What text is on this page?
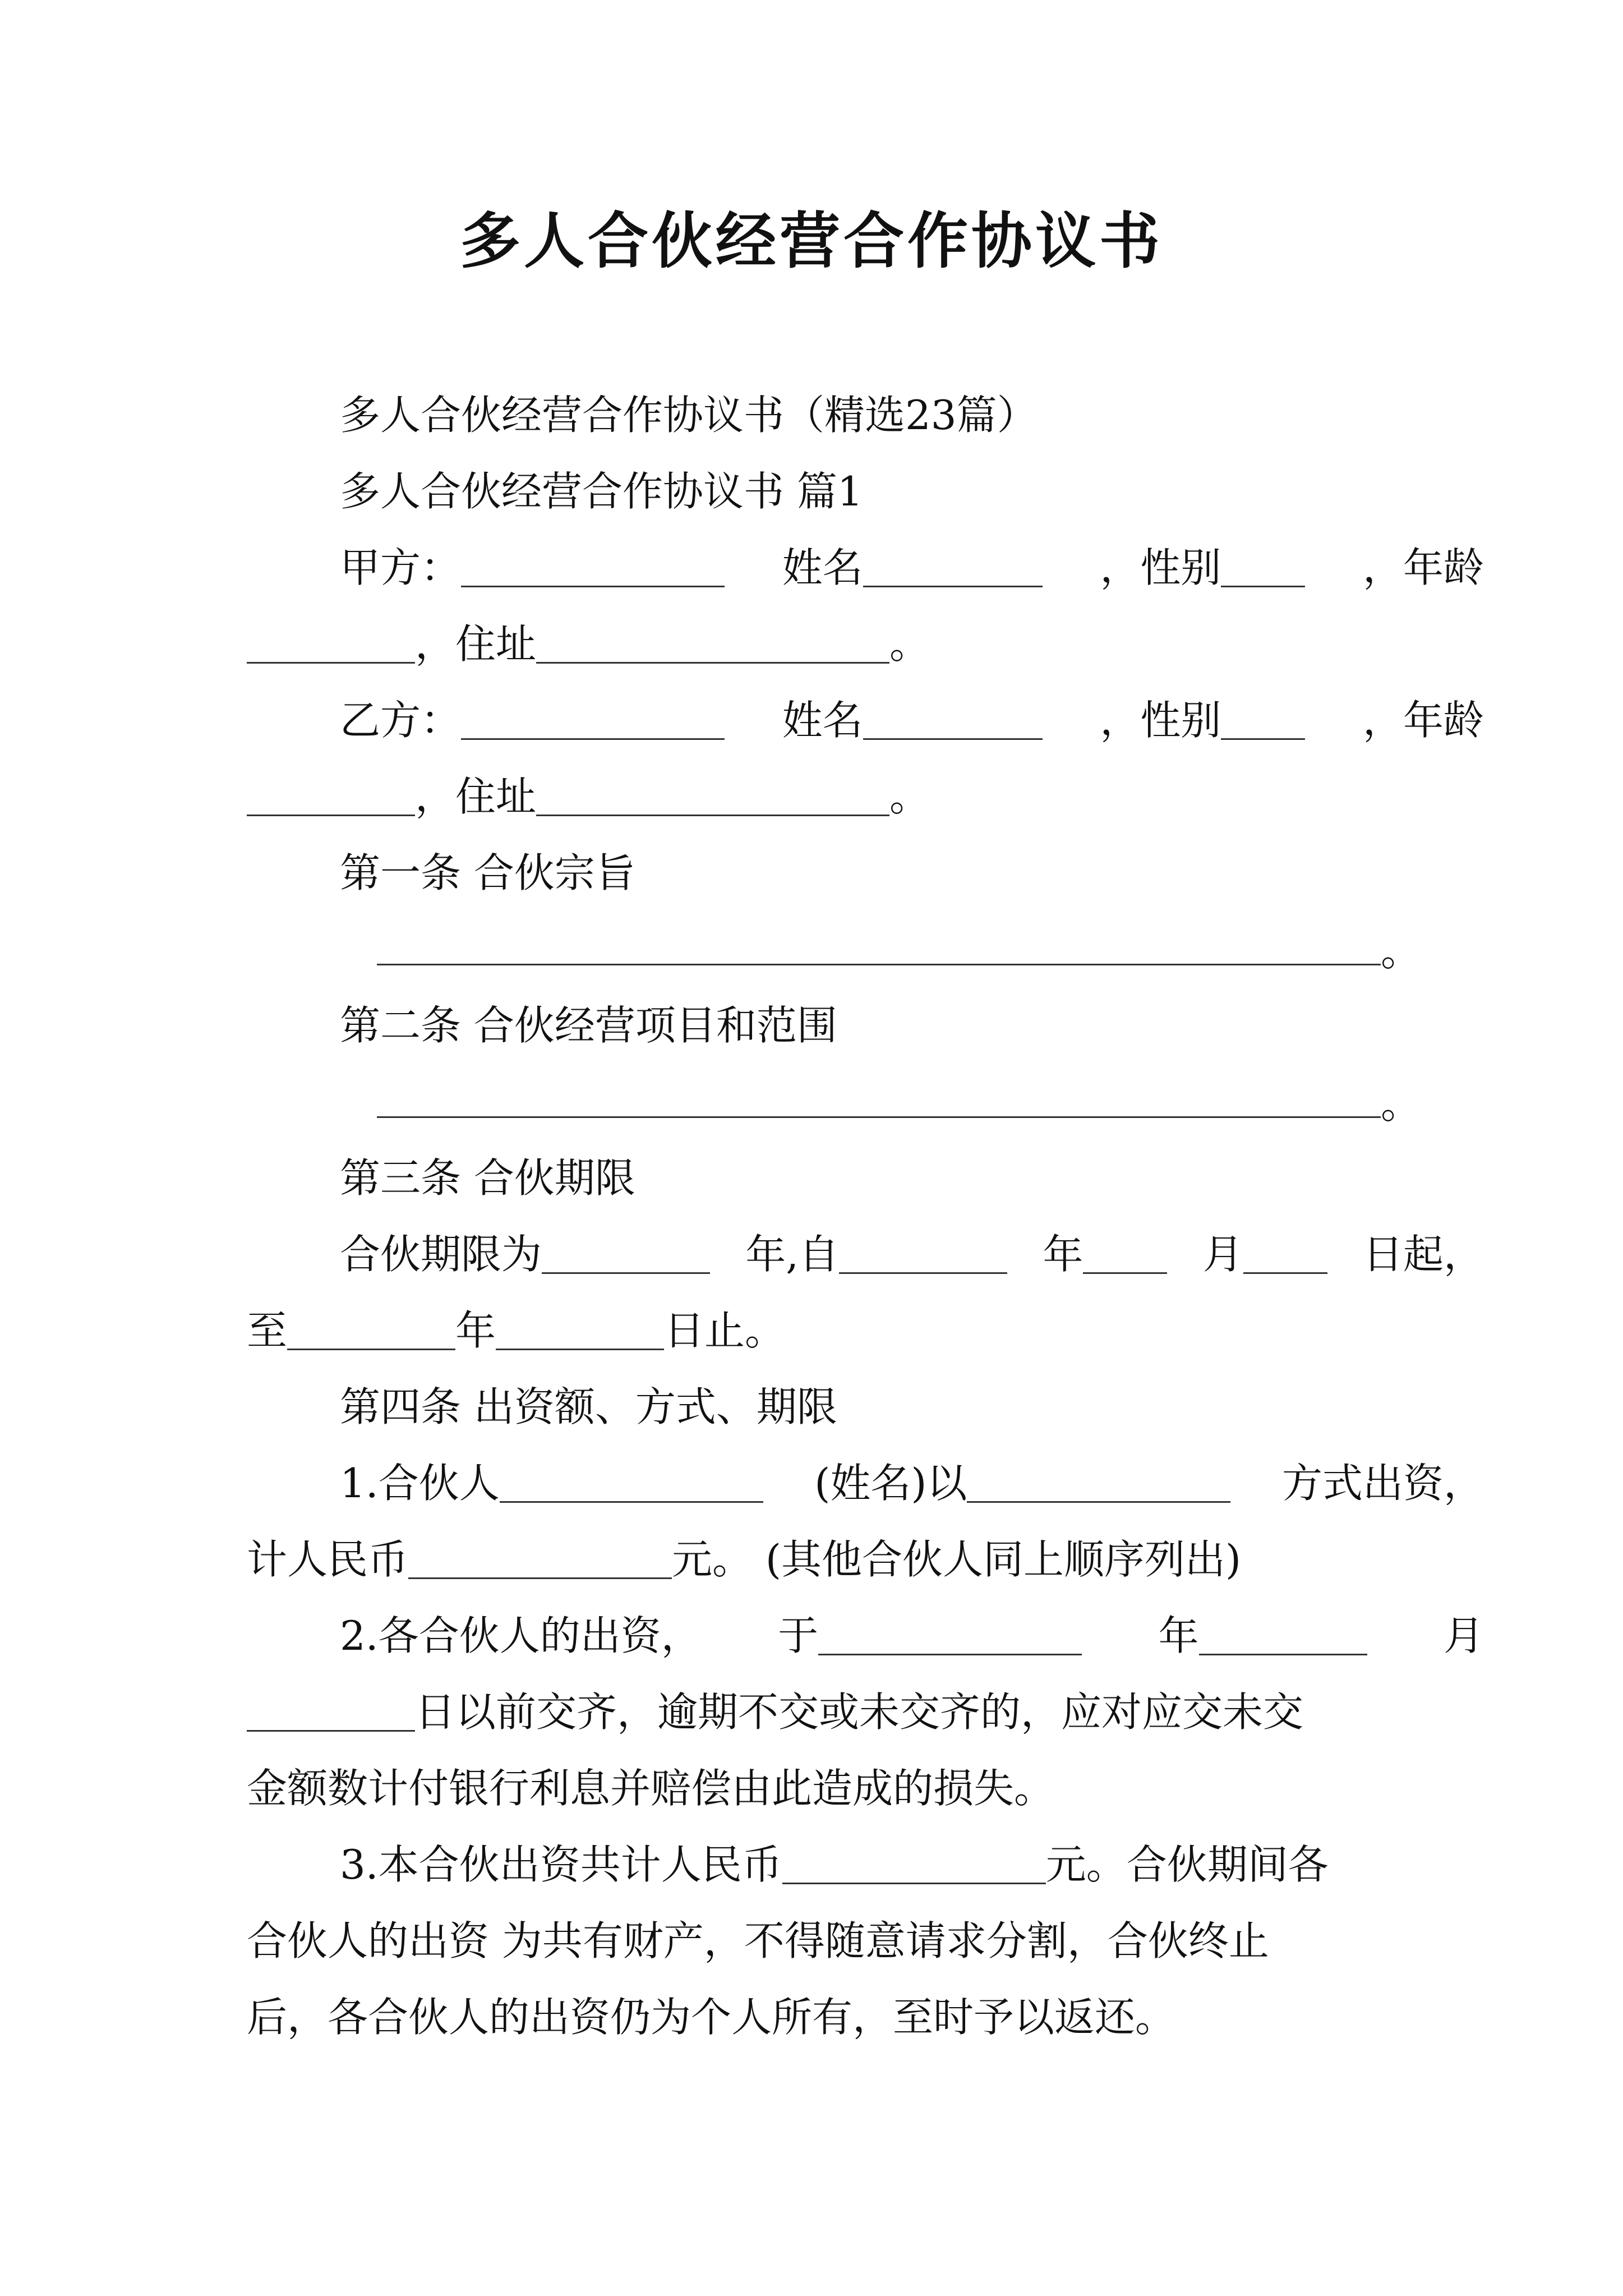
多人合伙经营合作协议书
多人合伙经营合作协议书（精选23篇）
多人合伙经营合作协议书 篇1
甲方：	姓名	，性别	，年龄
，住址	。
乙方：	姓名	，性别	，年龄
，住址	。
第一条 合伙宗旨
。
第二条 合伙经营项目和范围
。
第三条 合伙期限
合伙期限为	年,自	年	月	日起，
至	年	日止。
第四条 出资额、方式、期限
1.合伙人	(姓名)以	方式出资，
计人民币	元。 (其他合伙人同上顺序列出)
2.各合伙人的出资， 于	年	月
日以前交齐，逾期不交或未交齐的，应对应交未交
金额数计付银行利息并赔偿由此造成的损失。
3.本合伙出资共计人民币	元。合伙期间各
合伙人的出资 为共有财产，不得随意请求分割，合伙终止
后，各合伙人的出资仍为个人所有，至时予以返还。
